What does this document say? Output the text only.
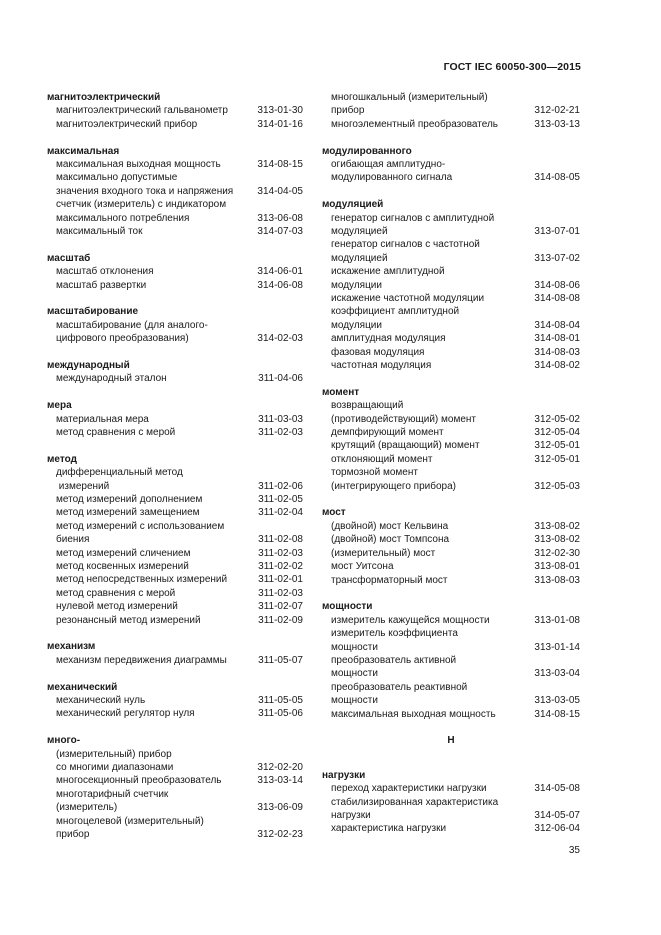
ГОСТ IEC 60050-300—2015
магнитоэлектрический
магнитоэлектрический гальванометр	313-01-30
магнитоэлектрический прибор	314-01-16
максимальная
максимальная выходная мощность	314-08-15
максимально допустимые
значения входного тока и напряжения	314-04-05
счетчик (измеритель) с индикатором
максимального потребления	313-06-08
максимальный ток	314-07-03
масштаб
масштаб отклонения	314-06-01
масштаб развертки	314-06-08
масштабирование
масштабирование (для аналого-
цифрового преобразования)	314-02-03
международный
международный эталон	311-04-06
мера
материальная мера	311-03-03
метод сравнения с мерой	311-02-03
метод
дифференциальный метод
измерений	311-02-06
метод измерений дополнением	311-02-05
метод измерений замещением	311-02-04
метод измерений с использованием
биения	311-02-08
метод измерений сличением	311-02-03
метод косвенных измерений	311-02-02
метод непосредственных измерений	311-02-01
метод сравнения с мерой	311-02-03
нулевой метод измерений	311-02-07
резонансный метод измерений	311-02-09
механизм
механизм передвижения диаграммы	311-05-07
механический
механический нуль	311-05-05
механический регулятор нуля	311-05-06
много-
(измерительный) прибор
со многими диапазонами	312-02-20
многосекционный преобразователь	313-03-14
многотарифный счетчик
(измеритель)	313-06-09
многоцелевой (измерительный)
прибор	312-02-23
многошкальный (измерительный)
прибор	312-02-21
многоэлементный преобразователь	313-03-13
модулированного
огибающая амплитудно-
модулированного сигнала	314-08-05
модуляцией
генератор сигналов с амплитудной
модуляцией	313-07-01
генератор сигналов с частотной
модуляцией	313-07-02
искажение амплитудной
модуляции	314-08-06
искажение частотной модуляции	314-08-08
коэффициент амплитудной
модуляции	314-08-04
амплитудная модуляция	314-08-01
фазовая модуляция	314-08-03
частотная модуляция	314-08-02
момент
возвращающий
(противодействующий) момент	312-05-02
демпфирующий момент	312-05-04
крутящий (вращающий) момент	312-05-01
отклоняющий момент	312-05-01
тормозной момент
(интегрирующего прибора)	312-05-03
мост
(двойной) мост Кельвина	313-08-02
(двойной) мост Томпсона	313-08-02
(измерительный) мост	312-02-30
мост Уитсона	313-08-01
трансформаторный мост	313-08-03
мощности
измеритель кажущейся мощности	313-01-08
измеритель коэффициента
мощности	313-01-14
преобразователь активной
мощности	313-03-04
преобразователь реактивной
мощности	313-03-05
максимальная выходная мощность	314-08-15
Н
нагрузки
переход характеристики нагрузки	314-05-08
стабилизированная характеристика
нагрузки	314-05-07
характеристика нагрузки	312-06-04
35
